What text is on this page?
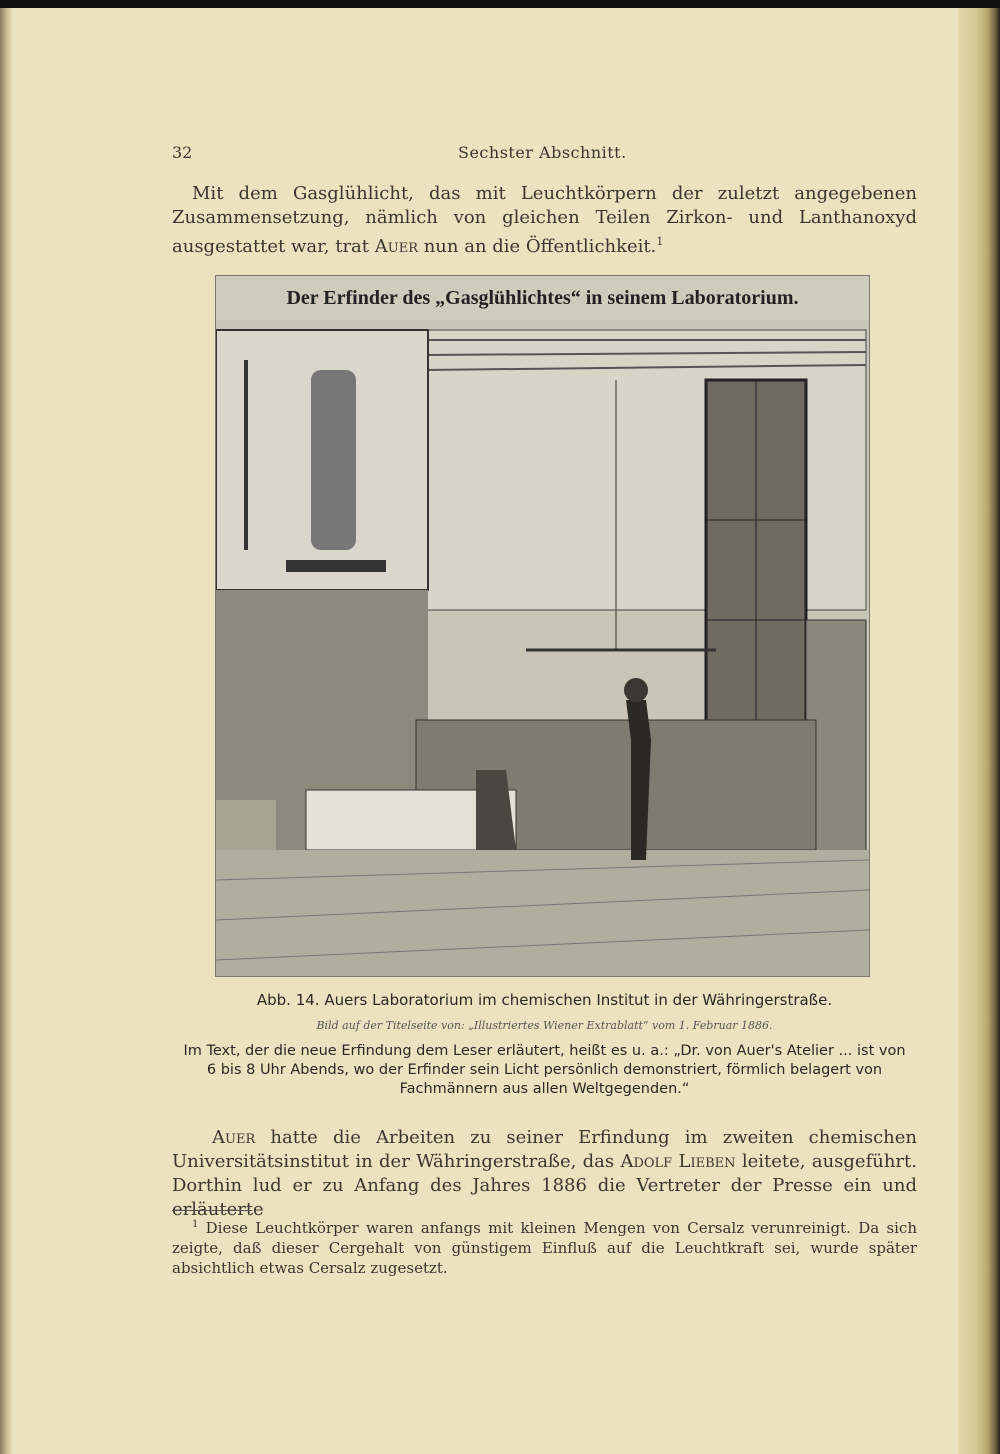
32	Sechster Abschnitt.
Mit dem Gasglühlicht, das mit Leuchtkörpern der zuletzt angegebenen Zusammensetzung, nämlich von gleichen Teilen Zirkon- und Lanthanoxyd ausgestattet war, trat Auer nun an die Öffentlichkeit.$^1$
Der Erfinder des „Gasglühlichtes“ in seinem Laboratorium.
Abb. 14. Auers Laboratorium im chemischen Institut in der Währingerstraße.
Bild auf der Titelseite von: „Illustriertes Wiener Extrablatt“ vom 1. Februar 1886.
Im Text, der die neue Erfindung dem Leser erläutert, heißt es u. a.: „Dr. von Auer's Atelier ... ist von 6 bis 8 Uhr Abends, wo der Erfinder sein Licht persönlich demonstriert, förmlich belagert von Fachmännern aus allen Weltgegenden.“
Auer hatte die Arbeiten zu seiner Erfindung im zweiten chemischen Universitätsinstitut in der Währingerstraße, das Adolf Lieben leitete, ausgeführt. Dorthin lud er zu Anfang des Jahres 1886 die Vertreter der Presse ein und erläuterte
$^1$ Diese Leuchtkörper waren anfangs mit kleinen Mengen von Cersalz verunreinigt. Da sich zeigte, daß dieser Cergehalt von günstigem Einfluß auf die Leuchtkraft sei, wurde später absichtlich etwas Cersalz zugesetzt.
